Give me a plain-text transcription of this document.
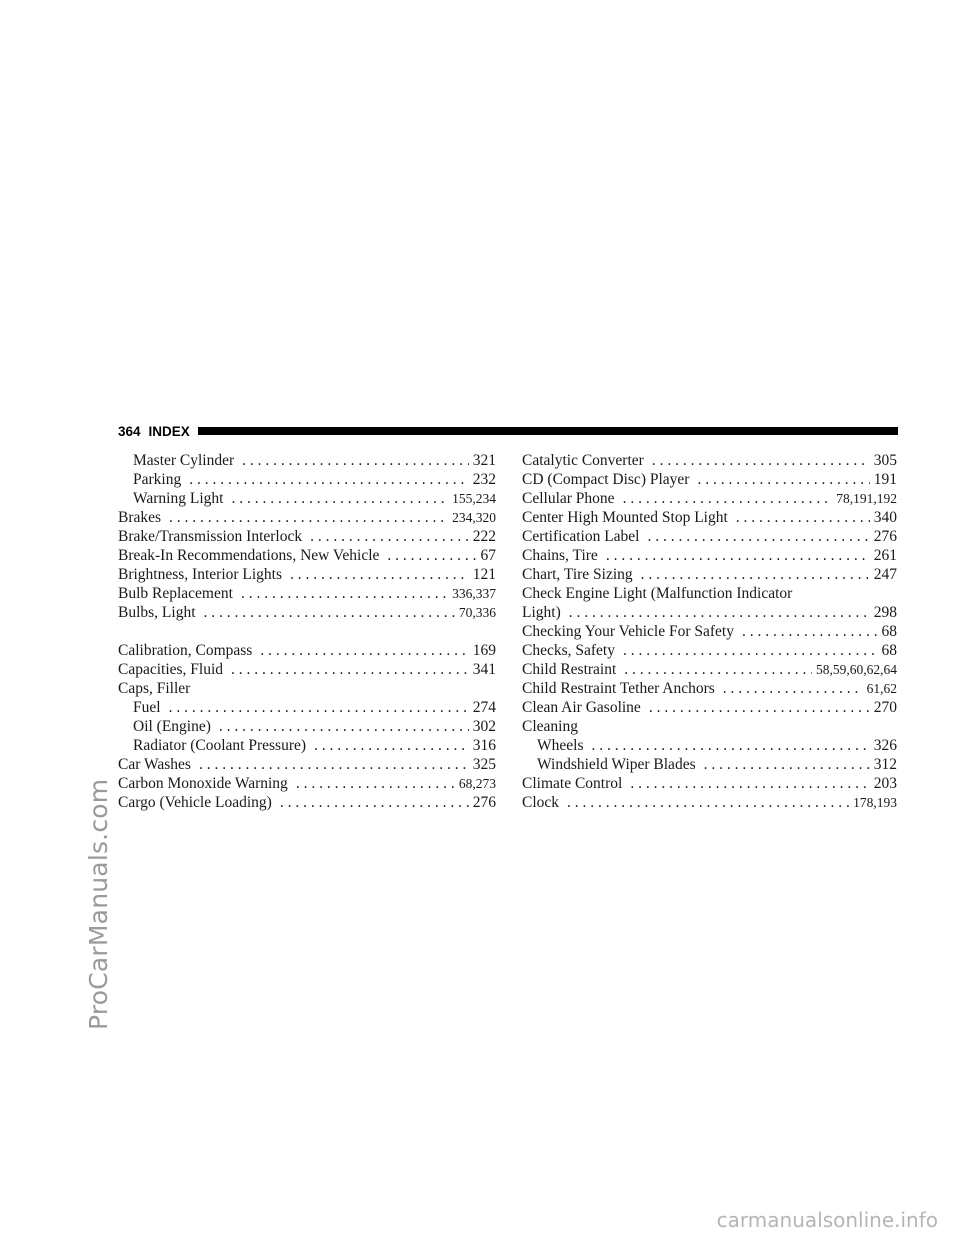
ProCarManuals.com
carmanualsonline.info
364 INDEX
Master Cylinder . . .	321
Parking . . .	232
Warning Light . . .	155,234
Brakes . . .	234,320
Brake/Transmission Interlock . . .	222
Break-In Recommendations, New Vehicle . . .	67
Brightness, Interior Lights . . .	121
Bulb Replacement . . .	336,337
Bulbs, Light . . .	70,336
Calibration, Compass . . .	169
Capacities, Fluid . . .	341
Caps, Filler
Fuel . . .	274
Oil (Engine) . . .	302
Radiator (Coolant Pressure) . . .	316
Car Washes . . .	325
Carbon Monoxide Warning . . .	68,273
Cargo (Vehicle Loading) . . .	276
Catalytic Converter . . .	305
CD (Compact Disc) Player . . .	191
Cellular Phone . . .	78,191,192
Center High Mounted Stop Light . . .	340
Certification Label . . .	276
Chains, Tire . . .	261
Chart, Tire Sizing . . .	247
Check Engine Light (Malfunction Indicator
Light) . . .	298
Checking Your Vehicle For Safety . . .	68
Checks, Safety . . .	68
Child Restraint . . .	58,59,60,62,64
Child Restraint Tether Anchors . . .	61,62
Clean Air Gasoline . . .	270
Cleaning
Wheels . . .	326
Windshield Wiper Blades . . .	312
Climate Control . . .	203
Clock . . .	178,193
